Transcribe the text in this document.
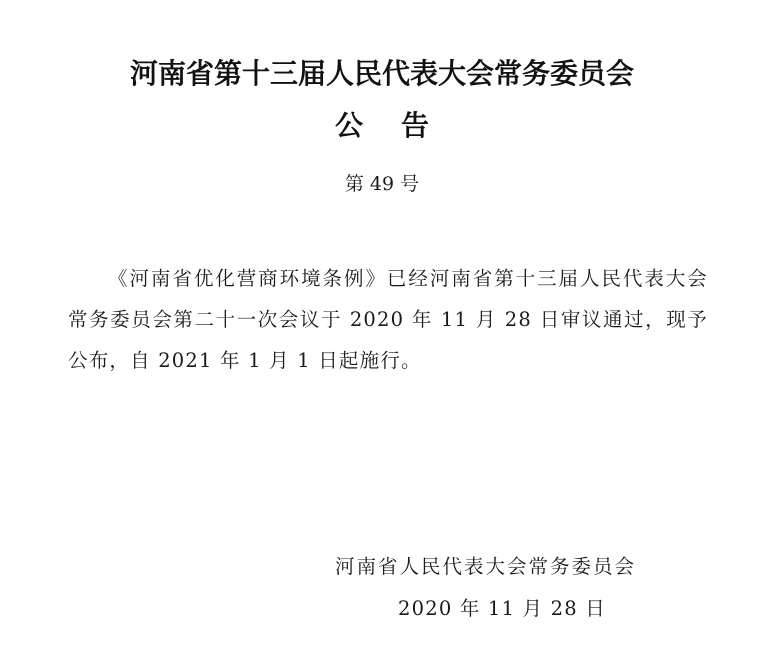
河南省第十三届人民代表大会常务委员会
公告
第 49 号
《河南省优化营商环境条例》已经河南省第十三届人民代表大会常务委员会第二十一次会议于 2020 年 11 月 28 日审议通过，现予公布，自 2021 年 1 月 1 日起施行。
河南省人民代表大会常务委员会
2020 年 11 月 28 日
